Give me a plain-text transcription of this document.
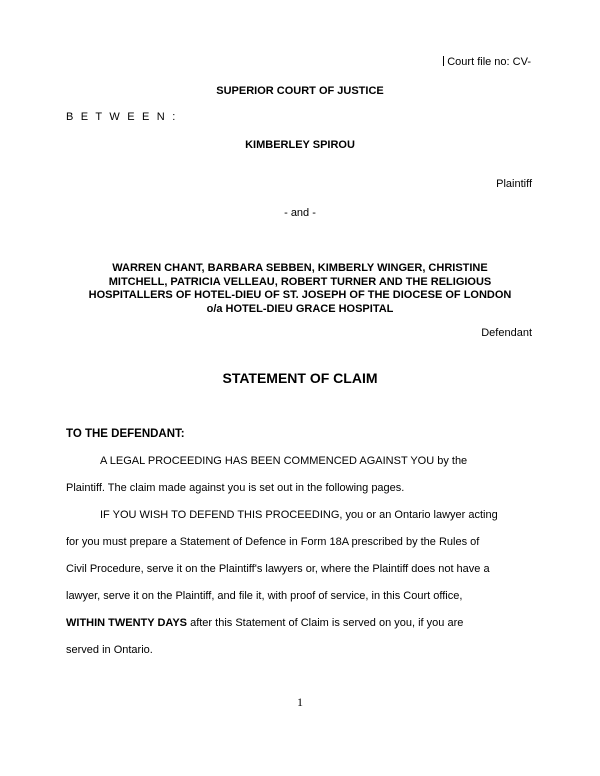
Court file no: CV-
SUPERIOR COURT OF JUSTICE
B E T W E E N :
KIMBERLEY SPIROU
Plaintiff
- and -
WARREN CHANT, BARBARA SEBBEN, KIMBERLY WINGER, CHRISTINE
MITCHELL, PATRICIA VELLEAU, ROBERT TURNER AND THE RELIGIOUS
HOSPITALLERS OF HOTEL-DIEU OF ST. JOSEPH OF THE DIOCESE OF LONDON
o/a HOTEL-DIEU GRACE HOSPITAL
Defendant
STATEMENT OF CLAIM
TO THE DEFENDANT:
A LEGAL PROCEEDING HAS BEEN COMMENCED AGAINST YOU by the
Plaintiff. The claim made against you is set out in the following pages.
IF YOU WISH TO DEFEND THIS PROCEEDING, you or an Ontario lawyer acting
for you must prepare a Statement of Defence in Form 18A prescribed by the Rules of
Civil Procedure, serve it on the Plaintiff's lawyers or, where the Plaintiff does not have a
lawyer, serve it on the Plaintiff, and file it, with proof of service, in this Court office,
WITHIN TWENTY DAYS after this Statement of Claim is served on you, if you are
served in Ontario.
1
